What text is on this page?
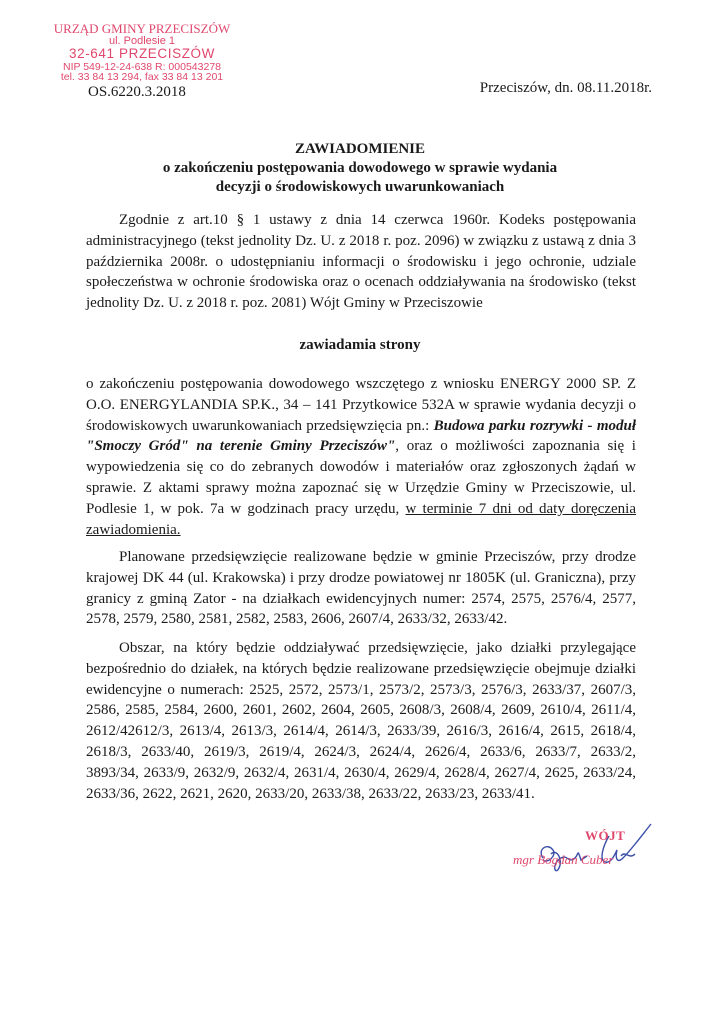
URZĄD GMINY PRZECISZÓW
ul. Podlesie 1
32-641 PRZECISZÓW
NIP 549-12-24-638 R: 000543278
tel. 33 84 13 294, fax 33 84 13 201
OS.6220.3.2018	Przeciszów, dn. 08.11.2018r.
ZAWIADOMIENIE
o zakończeniu postępowania dowodowego w sprawie wydania
decyzji o środowiskowych uwarunkowaniach
Zgodnie z art.10 § 1 ustawy z dnia 14 czerwca 1960r. Kodeks postępowania administracyjnego (tekst jednolity Dz. U. z 2018 r. poz. 2096) w związku z ustawą z dnia 3 października 2008r. o udostępnianiu informacji o środowisku i jego ochronie, udziale społeczeństwa w ochronie środowiska oraz o ocenach oddziaływania na środowisko (tekst jednolity Dz. U. z 2018 r. poz. 2081) Wójt Gminy w Przeciszowie
zawiadamia strony
o zakończeniu postępowania dowodowego wszczętego z wniosku ENERGY 2000 SP. Z O.O. ENERGYLANDIA SP.K., 34 – 141 Przytkowice 532A w sprawie wydania decyzji o środowiskowych uwarunkowaniach przedsięwzięcia pn.: Budowa parku rozrywki - moduł "Smoczy Gród" na terenie Gminy Przeciszów", oraz o możliwości zapoznania się i wypowiedzenia się co do zebranych dowodów i materiałów oraz zgłoszonych żądań w sprawie. Z aktami sprawy można zapoznać się w Urzędzie Gminy w Przeciszowie, ul. Podlesie 1, w pok. 7a w godzinach pracy urzędu, w terminie 7 dni od daty doręczenia zawiadomienia.
Planowane przedsięwzięcie realizowane będzie w gminie Przeciszów, przy drodze krajowej DK 44 (ul. Krakowska) i przy drodze powiatowej nr 1805K (ul. Graniczna), przy granicy z gminą Zator - na działkach ewidencyjnych numer: 2574, 2575, 2576/4, 2577, 2578, 2579, 2580, 2581, 2582, 2583, 2606, 2607/4, 2633/32, 2633/42.
Obszar, na który będzie oddziaływać przedsięwzięcie, jako działki przylegające bezpośrednio do działek, na których będzie realizowane przedsięwzięcie obejmuje działki ewidencyjne o numerach: 2525, 2572, 2573/1, 2573/2, 2573/3, 2576/3, 2633/37, 2607/3, 2586, 2585, 2584, 2600, 2601, 2602, 2604, 2605, 2608/3, 2608/4, 2609, 2610/4, 2611/4, 2612/42612/3, 2613/4, 2613/3, 2614/4, 2614/3, 2633/39, 2616/3, 2616/4, 2615, 2618/4, 2618/3, 2633/40, 2619/3, 2619/4, 2624/3, 2624/4, 2626/4, 2633/6, 2633/7, 2633/2, 3893/34, 2633/9, 2632/9, 2632/4, 2631/4, 2630/4, 2629/4, 2628/4, 2627/4, 2625, 2633/24, 2633/36, 2622, 2621, 2620, 2633/20, 2633/38, 2633/22, 2633/23, 2633/41.
WÓJT
mgr Bogdan Cuber
